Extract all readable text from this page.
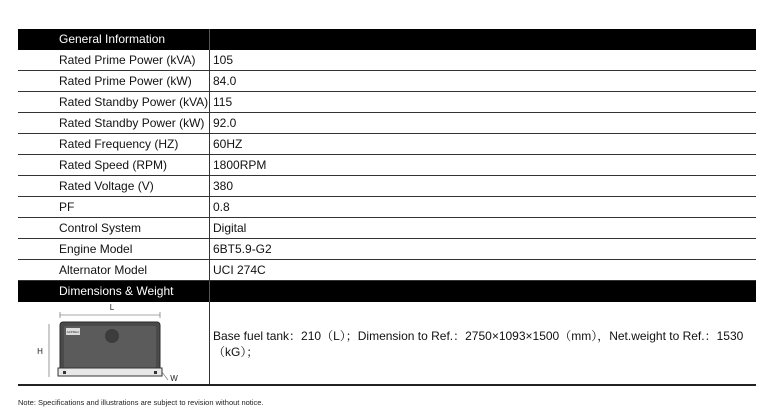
General Information
Rated Prime Power (kVA)	105
Rated Prime Power (kW)	84.0
Rated Standby Power (kVA) 115
Rated Standby Power (kW) 92.0
Rated Frequency (HZ)	60HZ
Rated Speed (RPM)	1800RPM
Rated Voltage (V)	380
PF	0.8
Control System	Digital
Engine Model	6BT5.9-G2
Alternator Model	UCI 274C
Dimensions & Weight
L
H
ARPMEC
W
Base fuel tank：210（L）；Dimension to Ref.：2750×1093×1500（mm），Net.weight to Ref.：1530（kG）；
Note: Specifications and illustrations are subject to revision without notice.
